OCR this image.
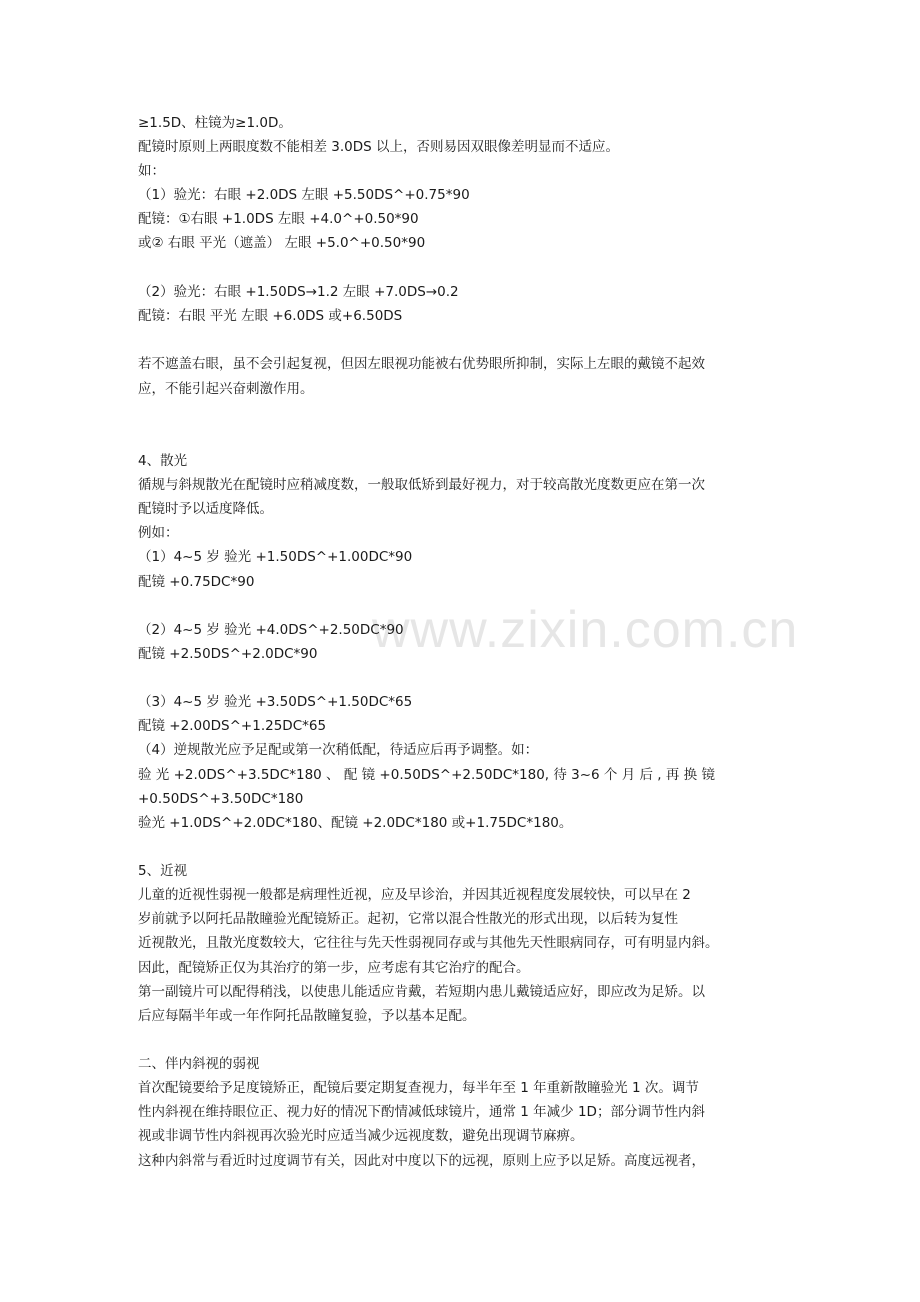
www.zixin.com.cn
≥1.5D、柱镜为≥1.0D。
配镜时原则上两眼度数不能相差 3.0DS 以上，否则易因双眼像差明显而不适应。
如：
（1）验光：右眼 +2.0DS 左眼 +5.50DS^+0.75*90
配镜：①右眼 +1.0DS 左眼 +4.0^+0.50*90
或② 右眼 平光（遮盖） 左眼 +5.0^+0.50*90
（2）验光：右眼 +1.50DS→1.2 左眼 +7.0DS→0.2
配镜：右眼 平光 左眼 +6.0DS 或+6.50DS
若不遮盖右眼，虽不会引起复视，但因左眼视功能被右优势眼所抑制，实际上左眼的戴镜不起效
应，不能引起兴奋刺激作用。
4、散光
循规与斜规散光在配镜时应稍减度数，一般取低矫到最好视力，对于较高散光度数更应在第一次
配镜时予以适度降低。
例如：
（1）4~5 岁 验光 +1.50DS^+1.00DC*90
配镜 +0.75DC*90
（2）4~5 岁 验光 +4.0DS^+2.50DC*90
配镜 +2.50DS^+2.0DC*90
（3）4~5 岁 验光 +3.50DS^+1.50DC*65
配镜 +2.00DS^+1.25DC*65
（4）逆规散光应予足配或第一次稍低配，待适应后再予调整。如：
验 光 +2.0DS^+3.5DC*180 、 配 镜 +0.50DS^+2.50DC*180, 待 3~6 个 月 后 , 再 换 镜
+0.50DS^+3.50DC*180
验光 +1.0DS^+2.0DC*180、配镜 +2.0DC*180 或+1.75DC*180。
5、近视
儿童的近视性弱视一般都是病理性近视，应及早诊治，并因其近视程度发展较快，可以早在 2
岁前就予以阿托品散瞳验光配镜矫正。起初，它常以混合性散光的形式出现，以后转为复性
近视散光，且散光度数较大，它往往与先天性弱视同存或与其他先天性眼病同存，可有明显内斜。
因此，配镜矫正仅为其治疗的第一步，应考虑有其它治疗的配合。
第一副镜片可以配得稍浅，以使患儿能适应肯戴，若短期内患儿戴镜适应好，即应改为足矫。以
后应每隔半年或一年作阿托品散瞳复验，予以基本足配。
二、伴内斜视的弱视
首次配镜要给予足度镜矫正，配镜后要定期复查视力，每半年至 1 年重新散瞳验光 1 次。调节
性内斜视在维持眼位正、视力好的情况下酌情减低球镜片，通常 1 年减少 1D；部分调节性内斜
视或非调节性内斜视再次验光时应适当减少远视度数，避免出现调节麻痹。
这种内斜常与看近时过度调节有关，因此对中度以下的远视，原则上应予以足矫。高度远视者，
